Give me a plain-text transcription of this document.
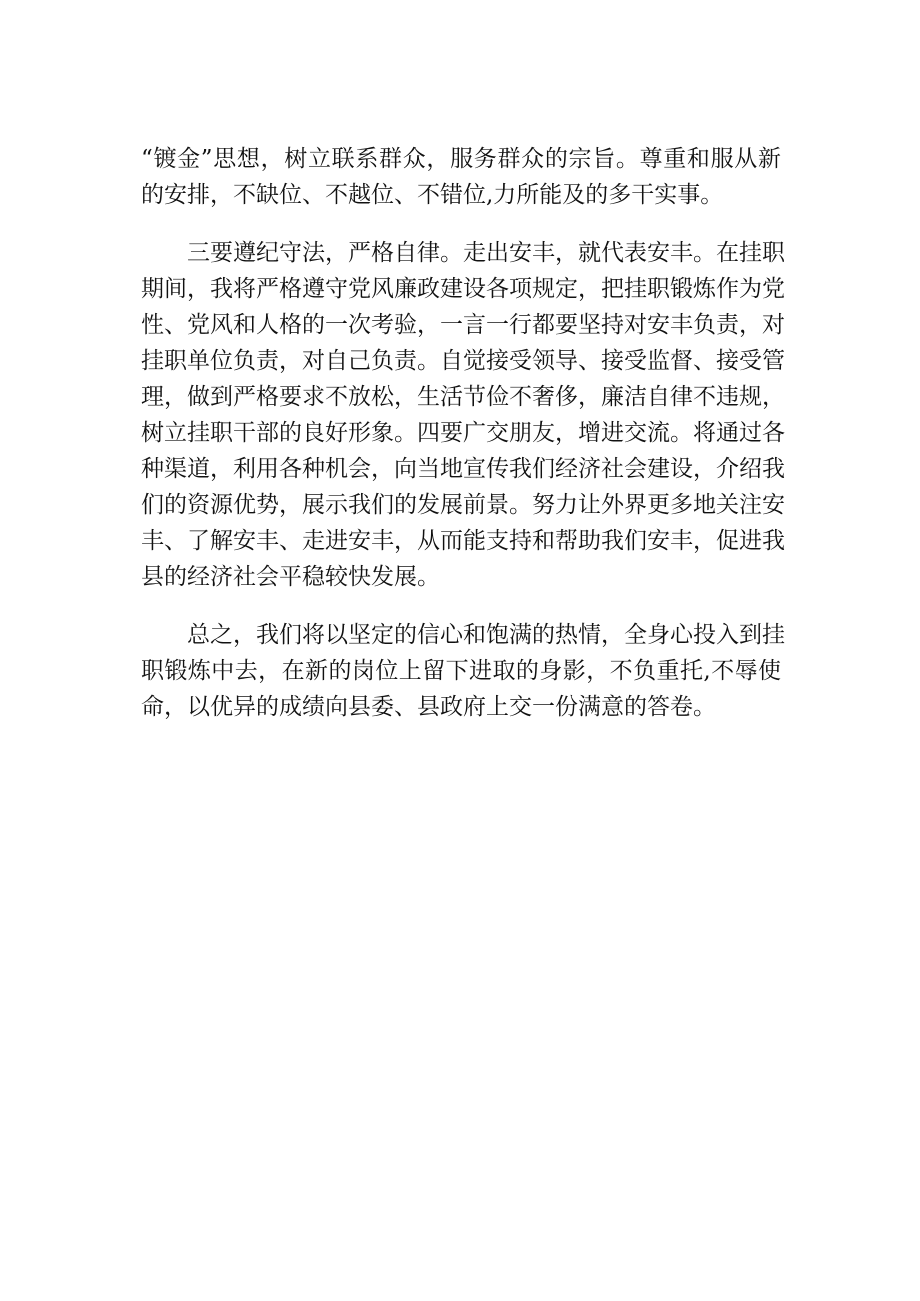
“镀金”思想，树立联系群众，服务群众的宗旨。尊重和服从新
的安排，不缺位、不越位、不错位,力所能及的多干实事。
三要遵纪守法，严格自律。走出安丰，就代表安丰。在挂职
期间，我将严格遵守党风廉政建设各项规定，把挂职锻炼作为党
性、党风和人格的一次考验，一言一行都要坚持对安丰负责，对
挂职单位负责，对自己负责。自觉接受领导、接受监督、接受管
理，做到严格要求不放松，生活节俭不奢侈，廉洁自律不违规，
树立挂职干部的良好形象。四要广交朋友，增进交流。将通过各
种渠道，利用各种机会，向当地宣传我们经济社会建设，介绍我
们的资源优势，展示我们的发展前景。努力让外界更多地关注安
丰、了解安丰、走进安丰，从而能支持和帮助我们安丰，促进我
县的经济社会平稳较快发展。
总之，我们将以坚定的信心和饱满的热情，全身心投入到挂
职锻炼中去，在新的岗位上留下进取的身影，不负重托,不辱使
命，以优异的成绩向县委、县政府上交一份满意的答卷。
